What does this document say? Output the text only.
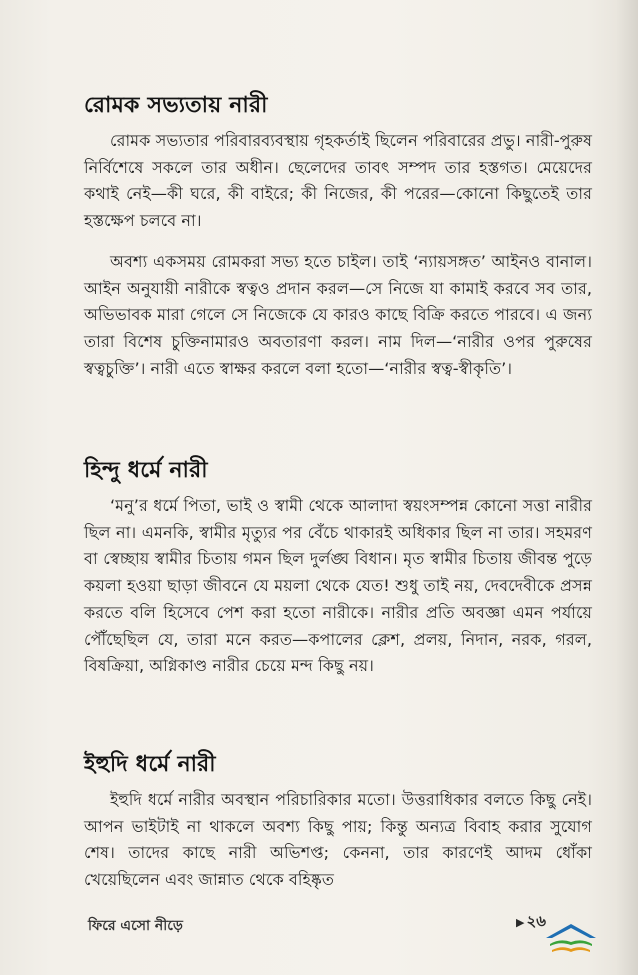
রোমক সভ্যতায় নারী

রোমক সভ্যতার পরিবারব্যবস্থায় গৃহকর্তাই ছিলেন পরিবারের প্রভু। নারী-পুরুষ নির্বিশেষে সকলে তার অধীন। ছেলেদের তাবৎ সম্পদ তার হস্তগত। মেয়েদের কথাই নেই—কী ঘরে, কী বাইরে; কী নিজের, কী পরের—কোনো কিছুতেই তার হস্তক্ষেপ চলবে না।

অবশ্য একসময় রোমকরা সভ্য হতে চাইল। তাই ‘ন্যায়সঙ্গত’ আইনও বানাল। আইন অনুযায়ী নারীকে স্বত্বও প্রদান করল—সে নিজে যা কামাই করবে সব তার, অভিভাবক মারা গেলে সে নিজেকে যে কারও কাছে বিক্রি করতে পারবে। এ জন্য তারা বিশেষ চুক্তিনামারও অবতারণা করল। নাম দিল—‘নারীর ওপর পুরুষের স্বত্বচুক্তি’। নারী এতে স্বাক্ষর করলে বলা হতো—‘নারীর স্বত্ব-স্বীকৃতি’।

হিন্দু ধর্মে নারী

‘মনু’র ধর্মে পিতা, ভাই ও স্বামী থেকে আলাদা স্বয়ংসম্পন্ন কোনো সত্তা নারীর ছিল না। এমনকি, স্বামীর মৃত্যুর পর বেঁচে থাকারই অধিকার ছিল না তার। সহমরণ বা স্বেচ্ছায় স্বামীর চিতায় গমন ছিল দুর্লঙ্ঘ বিধান। মৃত স্বামীর চিতায় জীবন্ত পুড়ে কয়লা হওয়া ছাড়া জীবনে যে ময়লা থেকে যেত! শুধু তাই নয়, দেবদেবীকে প্রসন্ন করতে বলি হিসেবে পেশ করা হতো নারীকে। নারীর প্রতি অবজ্ঞা এমন পর্যায়ে পৌঁছেছিল যে, তারা মনে করত—কপালের ক্লেশ, প্রলয়, নিদান, নরক, গরল, বিষক্রিয়া, অগ্নিকাণ্ড নারীর চেয়ে মন্দ কিছু নয়।

ইহুদি ধর্মে নারী

ইহুদি ধর্মে নারীর অবস্থান পরিচারিকার মতো। উত্তরাধিকার বলতে কিছু নেই। আপন ভাইটাই না থাকলে অবশ্য কিছু পায়; কিন্তু অন্যত্র বিবাহ করার সুযোগ শেষ। তাদের কাছে নারী অভিশপ্ত; কেননা, তার কারণেই আদম ধোঁকা খেয়েছিলেন এবং জান্নাত থেকে বহিষ্কৃত

ফিরে এসো নীড়ে	▶ ২৬
